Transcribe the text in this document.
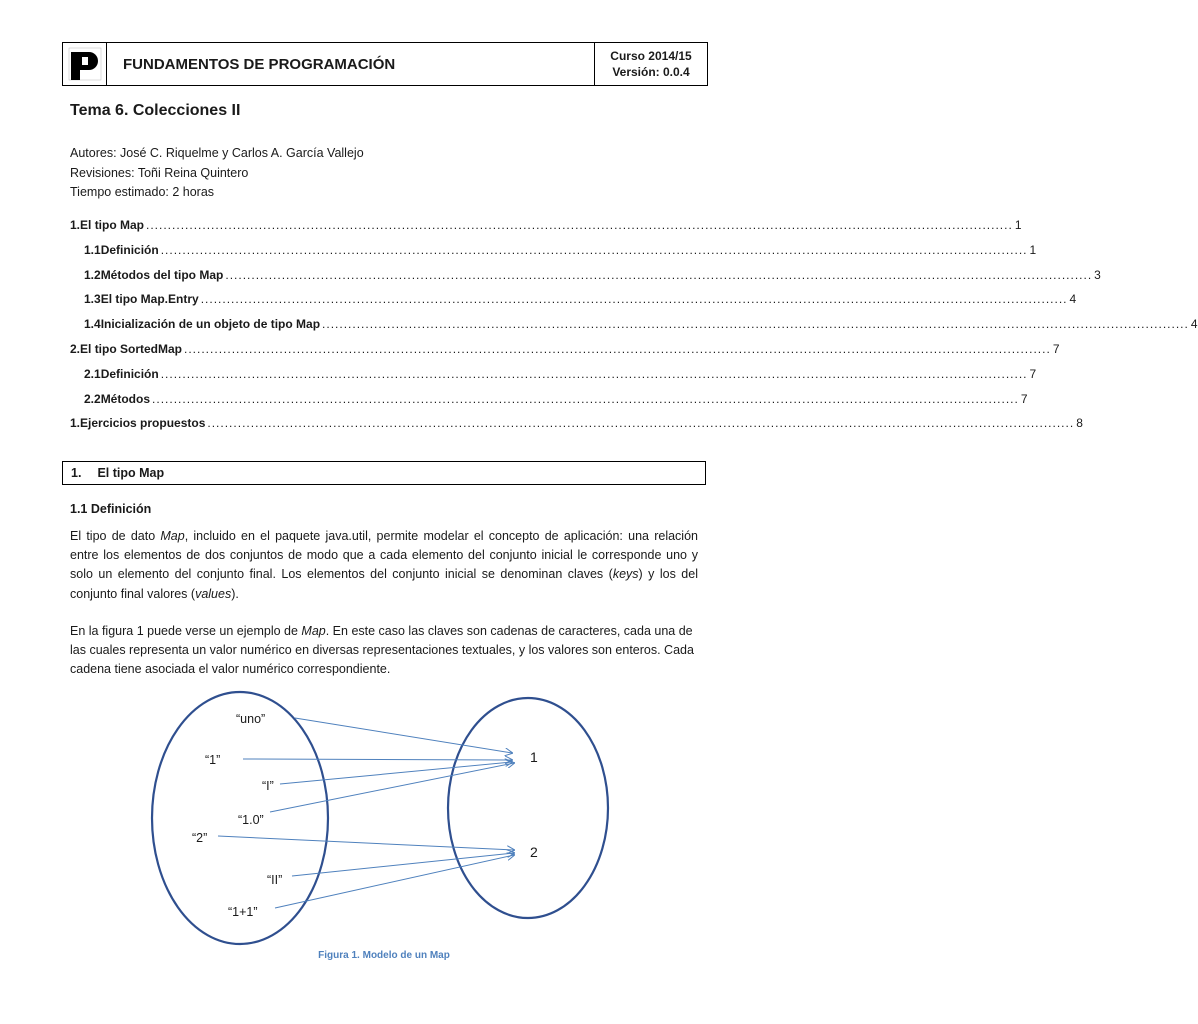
FUNDAMENTOS DE PROGRAMACIÓN	Curso 2014/15
Versión: 0.0.4
Tema 6. Colecciones II
Autores: José C. Riquelme y Carlos A. García Vallejo
Revisiones: Toñi Reina Quintero
Tiempo estimado: 2 horas
1. El tipo Map ........................................................................................................................................................................................................ 1
1.1 Definición ........................................................................................................................................................................................................ 1
1.2 Métodos del tipo Map ........................................................................................................................................................................................................ 3
1.3 El tipo Map.Entry ........................................................................................................................................................................................................ 4
1.4 Inicialización de un objeto de tipo Map ........................................................................................................................................................................................................ 4
2. El tipo SortedMap ........................................................................................................................................................................................................ 7
2.1 Definición ........................................................................................................................................................................................................ 7
2.2 Métodos ........................................................................................................................................................................................................ 7
1. Ejercicios propuestos ........................................................................................................................................................................................................ 8
1. El tipo Map
1.1 Definición
El tipo de dato Map, incluido en el paquete java.util, permite modelar el concepto de aplicación: una relación entre los elementos de dos conjuntos de modo que a cada elemento del conjunto inicial le corresponde uno y solo un elemento del conjunto final. Los elementos del conjunto inicial se denominan claves (keys) y los del conjunto final valores (values).
En la figura 1 puede verse un ejemplo de Map. En este caso las claves son cadenas de caracteres, cada una de las cuales representa un valor numérico en diversas representaciones textuales, y los valores son enteros. Cada cadena tiene asociada el valor numérico correspondiente.
“uno”
“1”
“I”
“1.0”
“2”
“II”
“1+1”
1
2
Figura 1. Modelo de un Map
